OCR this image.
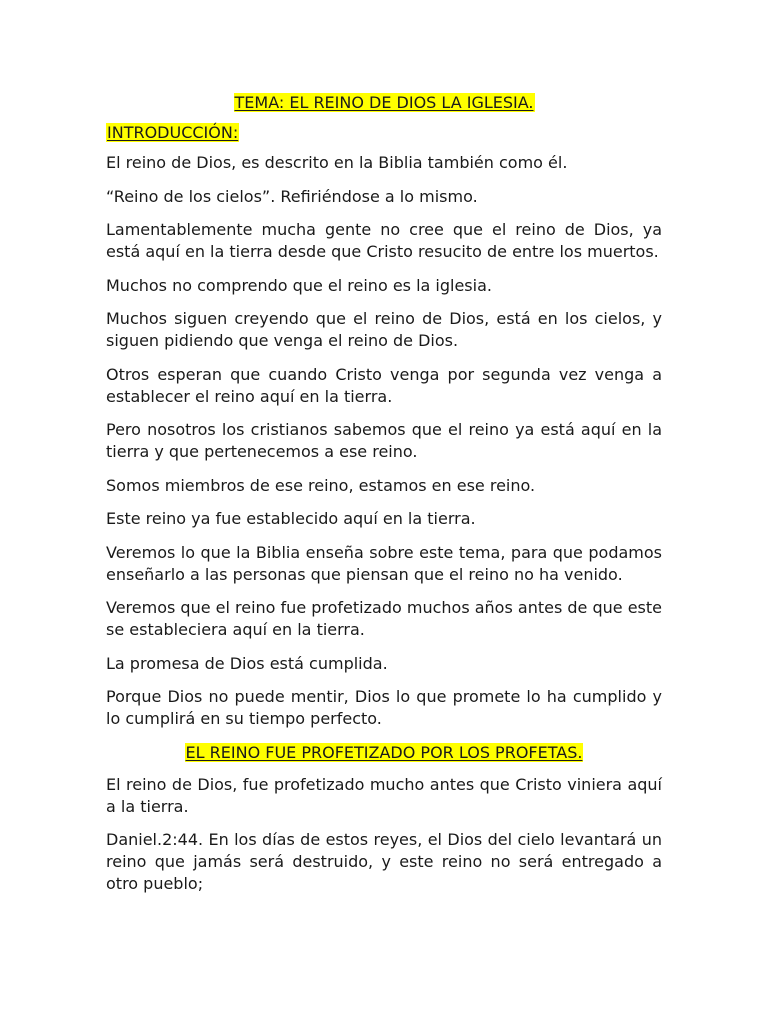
TEMA: EL REINO DE DIOS LA IGLESIA.
INTRODUCCIÓN:

El reino de Dios, es descrito en la Biblia también como él.

“Reino de los cielos”. Refiriéndose a lo mismo.

Lamentablemente mucha gente no cree que el reino de Dios, ya está aquí en la tierra desde que Cristo resucito de entre los muertos.

Muchos no comprendo que el reino es la iglesia.

Muchos siguen creyendo que el reino de Dios, está en los cielos, y siguen pidiendo que venga el reino de Dios.

Otros esperan que cuando Cristo venga por segunda vez venga a establecer el reino aquí en la tierra.

Pero nosotros los cristianos sabemos que el reino ya está aquí en la tierra y que pertenecemos a ese reino.

Somos miembros de ese reino, estamos en ese reino.

Este reino ya fue establecido aquí en la tierra.

Veremos lo que la Biblia enseña sobre este tema, para que podamos enseñarlo a las personas que piensan que el reino no ha venido.

Veremos que el reino fue profetizado muchos años antes de que este se estableciera aquí en la tierra.

La promesa de Dios está cumplida.

Porque Dios no puede mentir, Dios lo que promete lo ha cumplido y lo cumplirá en su tiempo perfecto.

EL REINO FUE PROFETIZADO POR LOS PROFETAS.

El reino de Dios, fue profetizado mucho antes que Cristo viniera aquí a la tierra.

Daniel.2:44. En los días de estos reyes, el Dios del cielo levantará un reino que jamás será destruido, y este reino no será entregado a otro pueblo;
